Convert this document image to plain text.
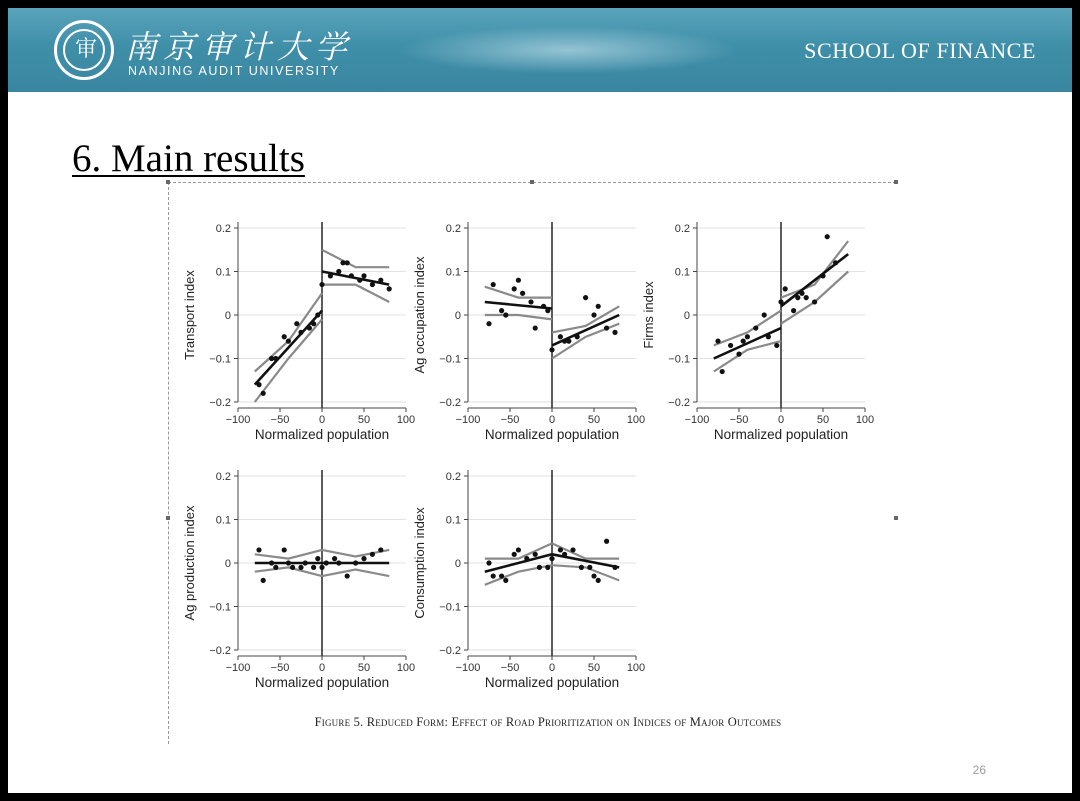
审 南京审计大学
NANJING AUDIT UNIVERSITY
SCHOOL OF FINANCE
6. Main results
0.2
0.1
0
−0.1
−0.2
−100 −50	0	50 100
Normalized population
Transport index
0.2
0.1
0
−0.1
−0.2
−100 −50	0	50 100
Normalized population
Ag occupation index
0.2
0.1
0
−0.1
−0.2
−100 −50	0	50 100
Normalized population
Firms index
0.2
0.1
0
−0.1
−0.2
−100 −50	0	50 100
Normalized population
Ag production index
0.2
0.1
0
−0.1
−0.2
−100 −50	0	50 100
Normalized population
Consumption index
Figure 5. Reduced Form: Effect of Road Prioritization on Indices of Major Outcomes
26
